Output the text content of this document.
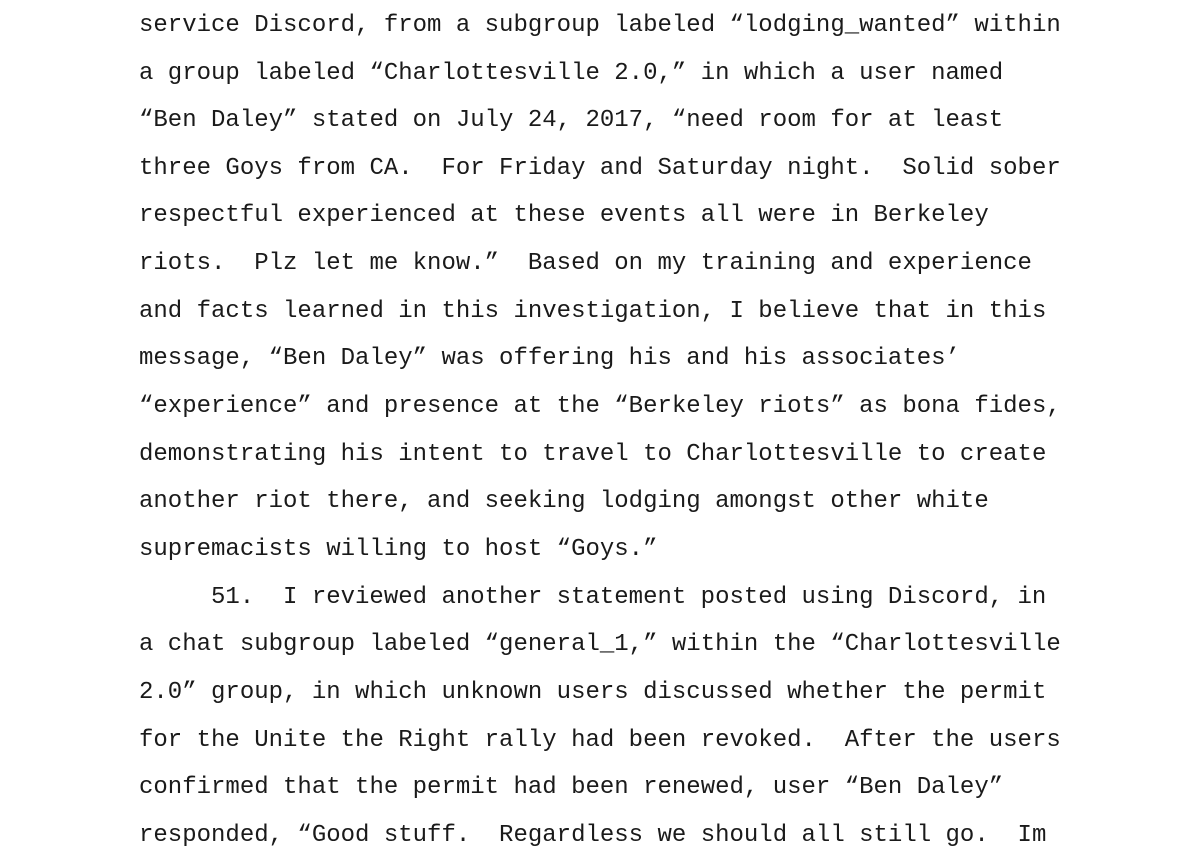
service Discord, from a subgroup labeled “lodging_wanted” within
a group labeled “Charlottesville 2.0,” in which a user named
“Ben Daley” stated on July 24, 2017, “need room for at least
three Goys from CA.  For Friday and Saturday night.  Solid sober
respectful experienced at these events all were in Berkeley
riots.  Plz let me know.”  Based on my training and experience
and facts learned in this investigation, I believe that in this
message, “Ben Daley” was offering his and his associates’
“experience” and presence at the “Berkeley riots” as bona fides,
demonstrating his intent to travel to Charlottesville to create
another riot there, and seeking lodging amongst other white
supremacists willing to host “Goys.”
51.  I reviewed another statement posted using Discord, in
a chat subgroup labeled “general_1,” within the “Charlottesville
2.0” group, in which unknown users discussed whether the permit
for the Unite the Right rally had been revoked.  After the users
confirmed that the permit had been renewed, user “Ben Daley”
responded, “Good stuff.  Regardless we should all still go.  Im
